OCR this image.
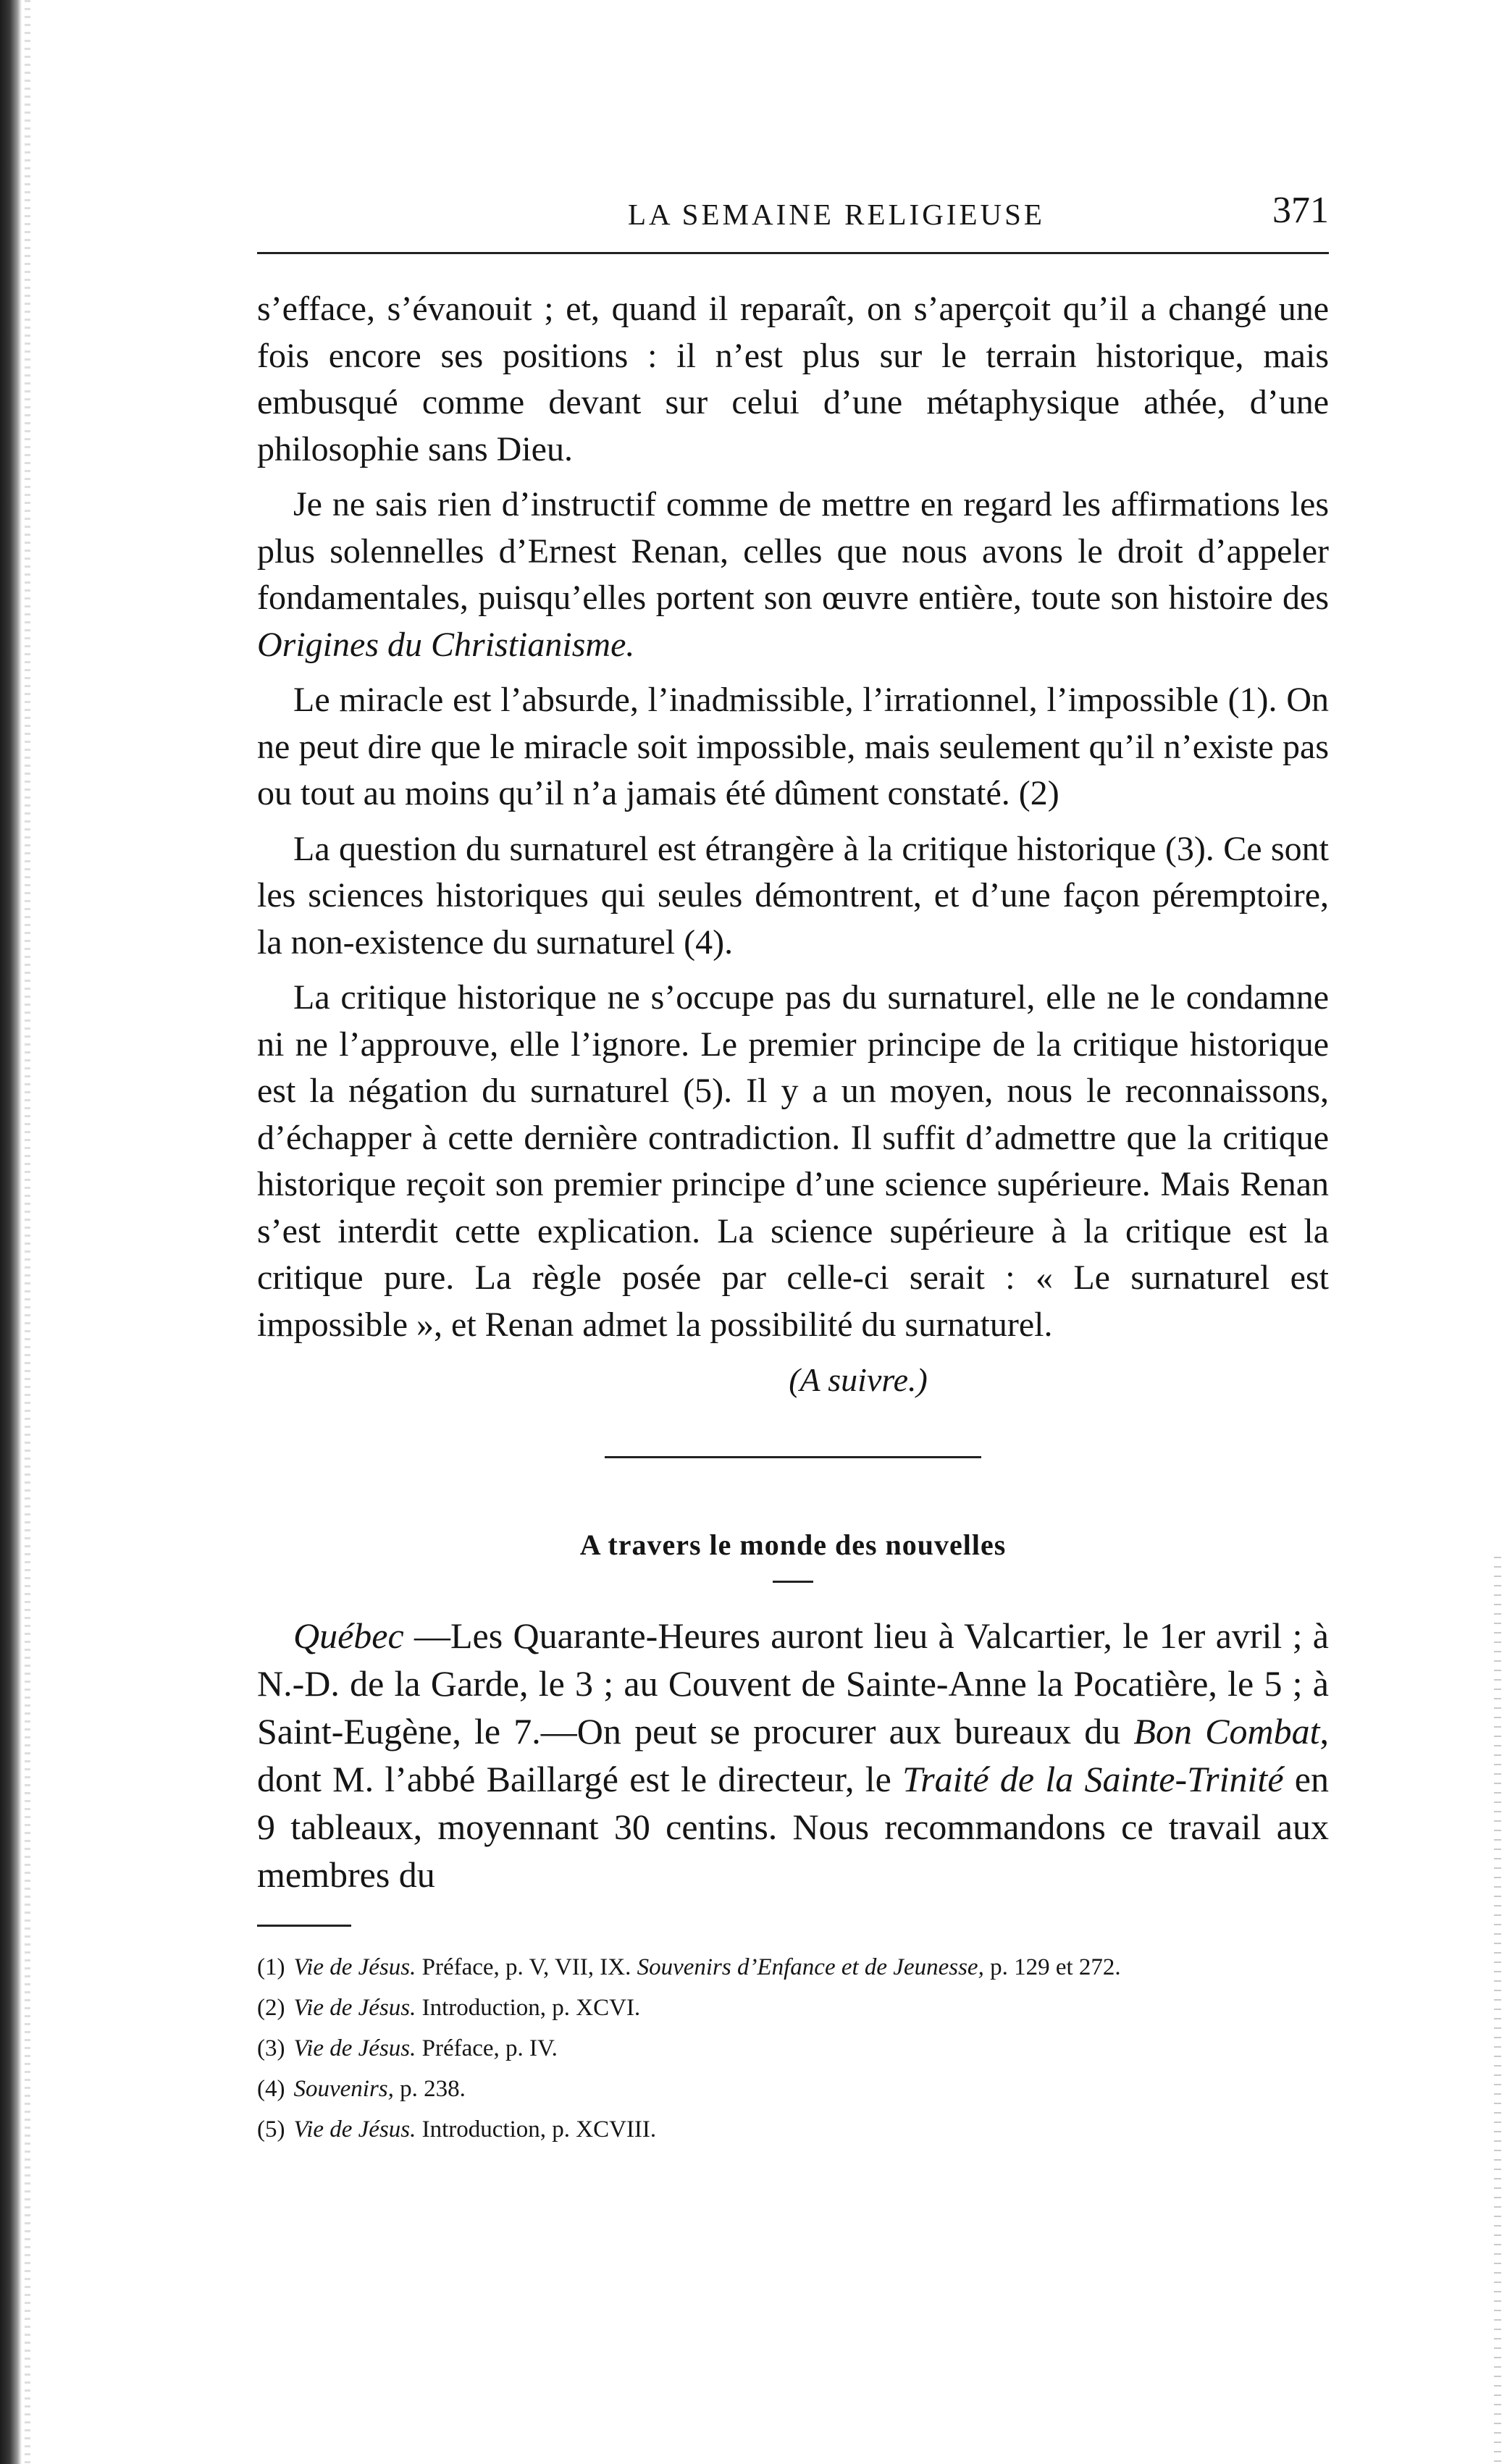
LA SEMAINE RELIGIEUSE	371

s’efface, s’évanouit ; et, quand il reparaît, on s’aperçoit qu’il a changé une fois encore ses positions : il n’est plus sur le terrain historique, mais embusqué comme devant sur celui d’une métaphysique athée, d’une philosophie sans Dieu.

Je ne sais rien d’instructif comme de mettre en regard les affirmations les plus solennelles d’Ernest Renan, celles que nous avons le droit d’appeler fondamentales, puisqu’elles portent son œuvre entière, toute son histoire des Origines du Christianisme.

Le miracle est l’absurde, l’inadmissible, l’irrationnel, l’impossible (1). On ne peut dire que le miracle soit impossible, mais seulement qu’il n’existe pas ou tout au moins qu’il n’a jamais été dûment constaté. (2)

La question du surnaturel est étrangère à la critique historique (3). Ce sont les sciences historiques qui seules démontrent, et d’une façon péremptoire, la non-existence du surnaturel (4).

La critique historique ne s’occupe pas du surnaturel, elle ne le condamne ni ne l’approuve, elle l’ignore. Le premier principe de la critique historique est la négation du surnaturel (5). Il y a un moyen, nous le reconnaissons, d’échapper à cette dernière contradiction. Il suffit d’admettre que la critique historique reçoit son premier principe d’une science supérieure. Mais Renan s’est interdit cette explication. La science supérieure à la critique est la critique pure. La règle posée par celle-ci serait : « Le surnaturel est impossible », et Renan admet la possibilité du surnaturel.

(A suivre.)
A travers le monde des nouvelles

Québec —Les Quarante-Heures auront lieu à Valcartier, le 1er avril ; à N.-D. de la Garde, le 3 ; au Couvent de Sainte-Anne la Pocatière, le 5 ; à Saint-Eugène, le 7.—On peut se procurer aux bureaux du Bon Combat, dont M. l’abbé Baillargé est le directeur, le Traité de la Sainte-Trinité en 9 tableaux, moyennant 30 centins. Nous recommandons ce travail aux membres du

(1) Vie de Jésus. Préface, p. V, VII, IX. Souvenirs d’Enfance et de Jeunesse, p. 129 et 272.
(2) Vie de Jésus. Introduction, p. XCVI.
(3) Vie de Jésus. Préface, p. IV.
(4) Souvenirs, p. 238.
(5) Vie de Jésus. Introduction, p. XCVIII.
